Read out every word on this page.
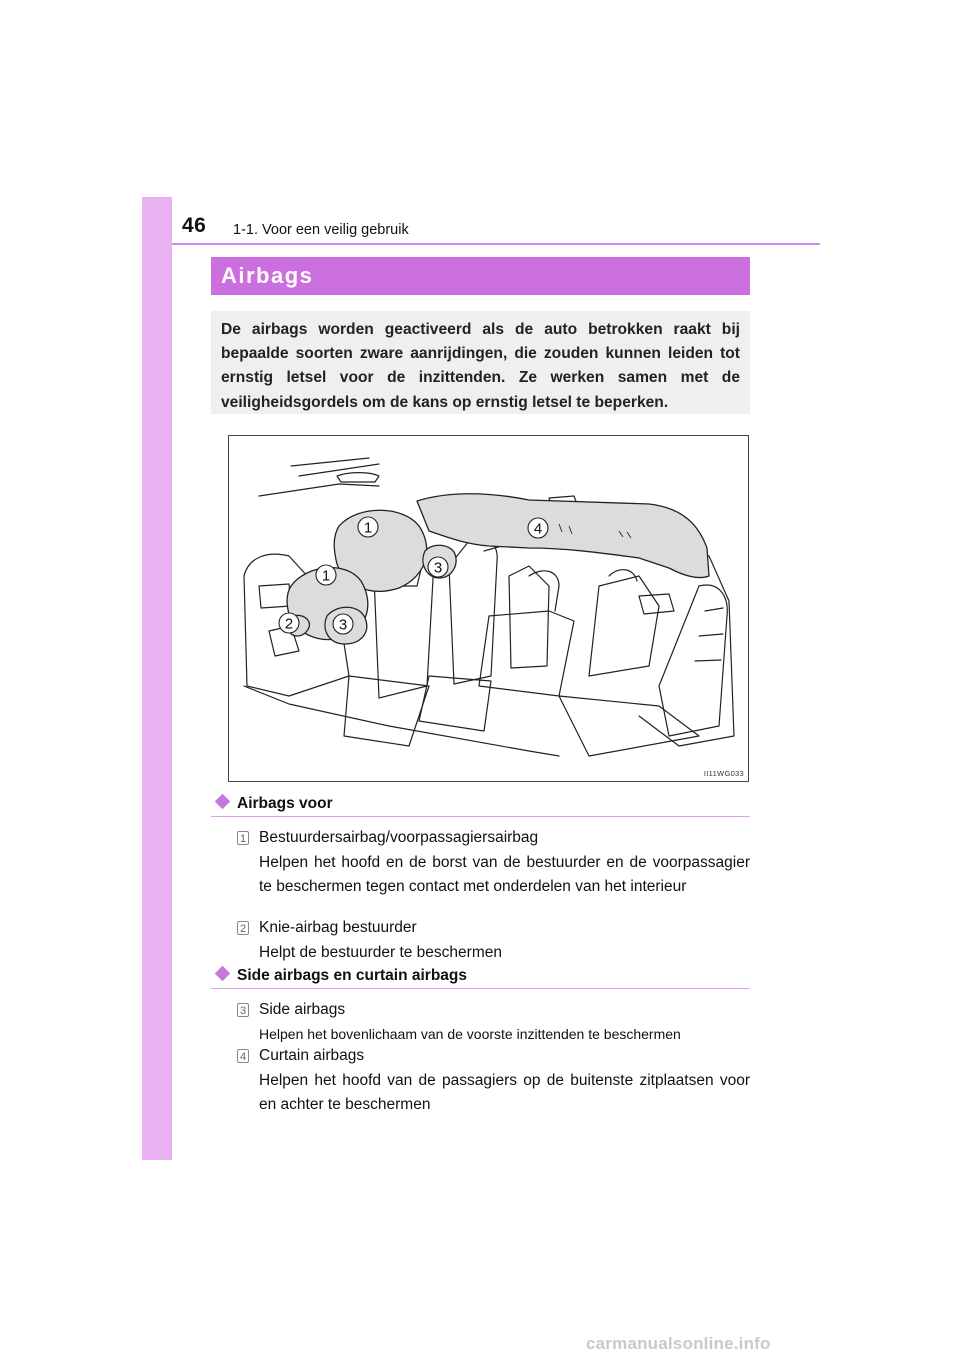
46 1-1. Voor een veilig gebruik
Airbags
De airbags worden geactiveerd als de auto betrokken raakt bij bepaalde soorten zware aanrijdingen, die zouden kunnen leiden tot ernstig letsel voor de inzittenden. Ze werken samen met de veiligheidsgordels om de kans op ernstig letsel te beperken.
1
1
2	3
3
4
II11WG033
Airbags voor
1 Bestuurdersairbag/voorpassagiersairbag
Helpen het hoofd en de borst van de bestuurder en de voorpassagier te beschermen tegen contact met onderdelen van het interieur
2 Knie-airbag bestuurder
Helpt de bestuurder te beschermen
Side airbags en curtain airbags
3 Side airbags
Helpen het bovenlichaam van de voorste inzittenden te beschermen
4 Curtain airbags
Helpen het hoofd van de passagiers op de buitenste zitplaatsen voor en achter te beschermen
carmanualsonline.info
